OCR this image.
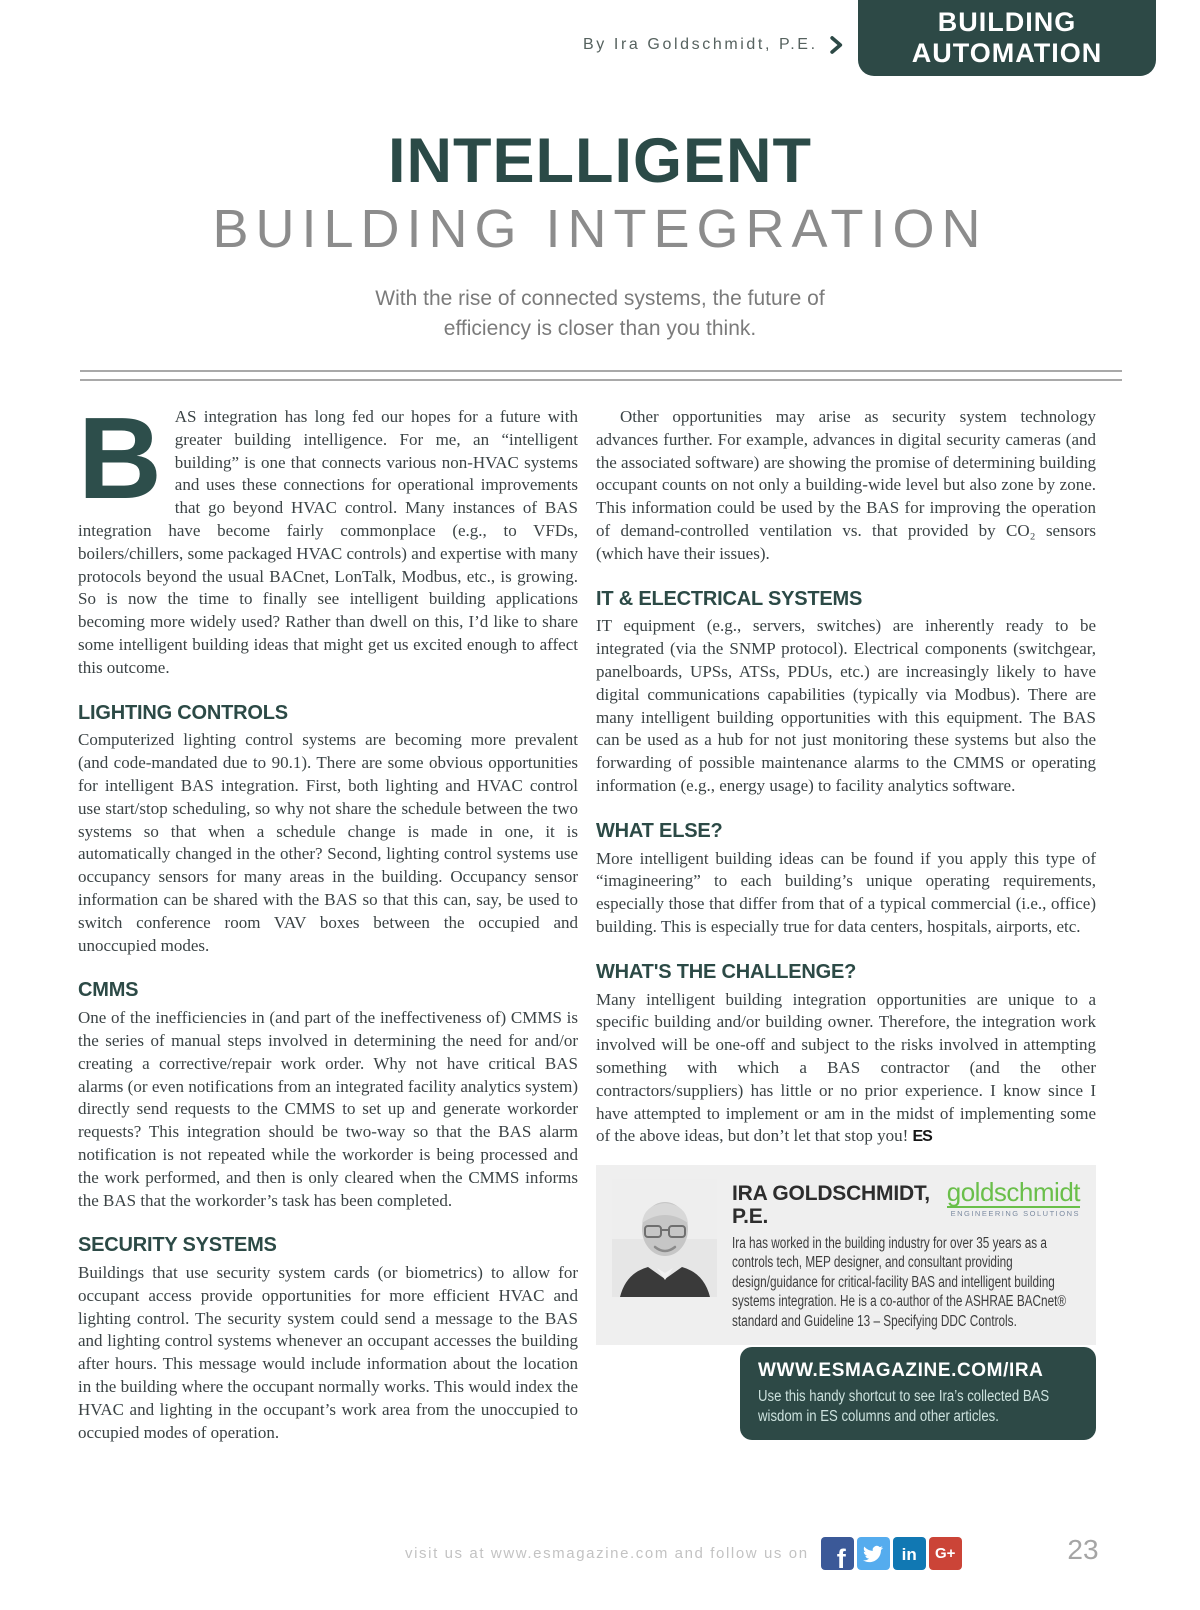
By Ira Goldschmidt, P.E.
BUILDING
AUTOMATION
INTELLIGENT
BUILDING INTEGRATION
With the rise of connected systems, the future of
efficiency is closer than you think.

BAS integration has long fed our hopes for a future with greater building intelligence. For me, an “intelligent building” is one that connects various non-HVAC systems and uses these connections for operational improvements that go beyond HVAC control. Many instances of BAS integration have become fairly commonplace (e.g., to VFDs, boilers/chillers, some packaged HVAC controls) and expertise with many protocols beyond the usual BACnet, LonTalk, Modbus, etc., is growing. So is now the time to finally see intelligent building applications becoming more widely used? Rather than dwell on this, I’d like to share some intelligent building ideas that might get us excited enough to affect this outcome.

LIGHTING CONTROLS

Computerized lighting control systems are becoming more prevalent (and code-mandated due to 90.1). There are some obvious opportunities for intelligent BAS integration. First, both lighting and HVAC control use start/stop scheduling, so why not share the schedule between the two systems so that when a schedule change is made in one, it is automatically changed in the other? Second, lighting control systems use occupancy sensors for many areas in the building. Occupancy sensor information can be shared with the BAS so that this can, say, be used to switch conference room VAV boxes between the occupied and unoccupied modes.

CMMS

One of the inefficiencies in (and part of the ineffectiveness of) CMMS is the series of manual steps involved in determining the need for and/or creating a corrective/repair work order. Why not have critical BAS alarms (or even notifications from an integrated facility analytics system) directly send requests to the CMMS to set up and generate workorder requests? This integration should be two-way so that the BAS alarm notification is not repeated while the workorder is being processed and the work performed, and then is only cleared when the CMMS informs the BAS that the workorder’s task has been completed.

SECURITY SYSTEMS

Buildings that use security system cards (or biometrics) to allow for occupant access provide opportunities for more efficient HVAC and lighting control. The security system could send a message to the BAS and lighting control systems whenever an occupant accesses the building after hours. This message would include information about the location in the building where the occupant normally works. This would index the HVAC and lighting in the occupant’s work area from the unoccupied to occupied modes of operation.

Other opportunities may arise as security system technology advances further. For example, advances in digital security cameras (and the associated software) are showing the promise of determining building occupant counts on not only a building-wide level but also zone by zone. This information could be used by the BAS for improving the operation of demand-controlled ventilation vs. that provided by CO₂ sensors (which have their issues).

IT & ELECTRICAL SYSTEMS

IT equipment (e.g., servers, switches) are inherently ready to be integrated (via the SNMP protocol). Electrical components (switchgear, panelboards, UPSs, ATSs, PDUs, etc.) are increasingly likely to have digital communications capabilities (typically via Modbus). There are many intelligent building opportunities with this equipment. The BAS can be used as a hub for not just monitoring these systems but also the forwarding of possible maintenance alarms to the CMMS or operating information (e.g., energy usage) to facility analytics software.

WHAT ELSE?

More intelligent building ideas can be found if you apply this type of “imagineering” to each building’s unique operating requirements, especially those that differ from that of a typical commercial (i.e., office) building. This is especially true for data centers, hospitals, airports, etc.

WHAT'S THE CHALLENGE?

Many intelligent building integration opportunities are unique to a specific building and/or building owner. Therefore, the integration work involved will be one-off and subject to the risks involved in attempting something with which a BAS contractor (and the other contractors/suppliers) has little or no prior experience. I know since I have attempted to implement or am in the midst of implementing some of the above ideas, but don’t let that stop you! ES

IRA GOLDSCHMIDT, P.E.
goldschmidt
ENGINEERING SOLUTIONS
Ira has worked in the building industry for over 35 years as a controls tech, MEP designer, and consultant providing design/guidance for critical-facility BAS and intelligent building systems integration. He is a co-author of the ASHRAE BACnet® standard and Guideline 13 – Specifying DDC Controls.
WWW.ESMAGAZINE.COM/IRA
Use this handy shortcut to see Ira’s collected BAS wisdom in ES columns and other articles.
visit us at www.esmagazine.com and follow us on f	in G+	23
